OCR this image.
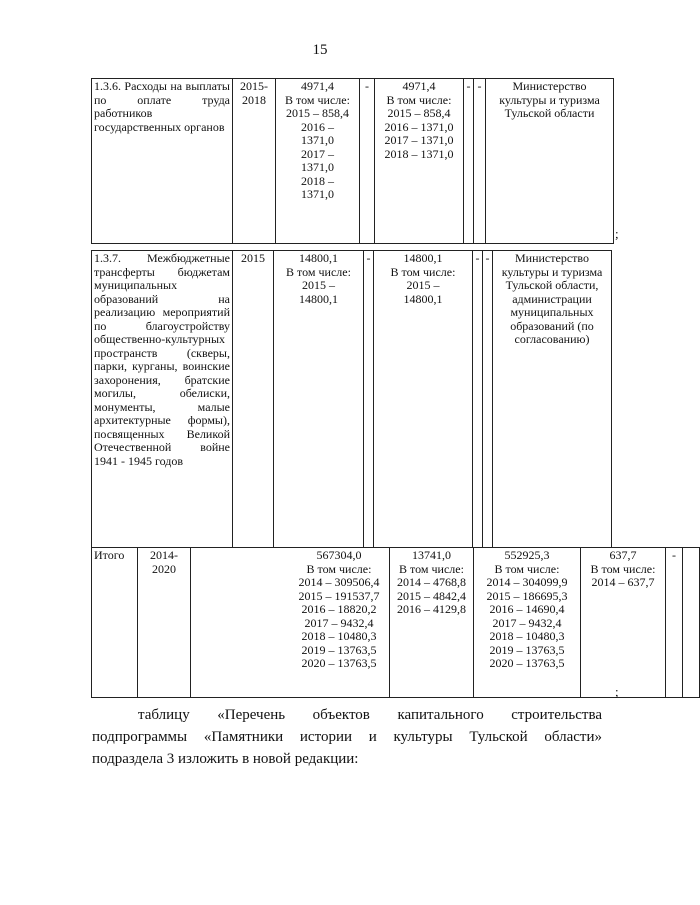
15
1.3.6. Расходы на выплаты по оплате труда работников государственных органов	2015-2018	4971,4
В том числе:
2015 – 858,4
2016 –
1371,0
2017 –
1371,0
2018 –
1371,0	-	4971,4
В том числе:
2015 – 858,4
2016 – 1371,0
2017 – 1371,0
2018 – 1371,0	-	-	Министерство культуры и туризма Тульской области
;
1.3.7. Межбюджетные трансферты бюджетам муниципальных образований на реализацию мероприятий по благоустройству общественно-культурных пространств (скверы, парки, курганы, воинские захоронения, братские могилы, обелиски, монументы, малые архитектурные формы), посвященных Великой Отечественной войне 1941 - 1945 годов	2015	14800,1
В том числе:
2015 –
14800,1	-	14800,1
В том числе:
2015 –
14800,1	-	-	Министерство культуры и туризма Тульской области, администрации муниципальных образований (по согласованию)
Итого	2014-2020	567304,0
В том числе:
2014 – 309506,4
2015 – 191537,7
2016 – 18820,2
2017 – 9432,4
2018 – 10480,3
2019 – 13763,5
2020 – 13763,5	13741,0
В том числе:
2014 – 4768,8
2015 – 4842,4
2016 – 4129,8	552925,3
В том числе:
2014 – 304099,9
2015 – 186695,3
2016 – 14690,4
2017 – 9432,4
2018 – 10480,3
2019 – 13763,5
2020 – 13763,5	637,7
В том числе:
2014 – 637,7	-	
;
таблицу «Перечень объектов капитального строительства
подпрограммы «Памятники истории и культуры Тульской области»
подраздела 3 изложить в новой редакции:
